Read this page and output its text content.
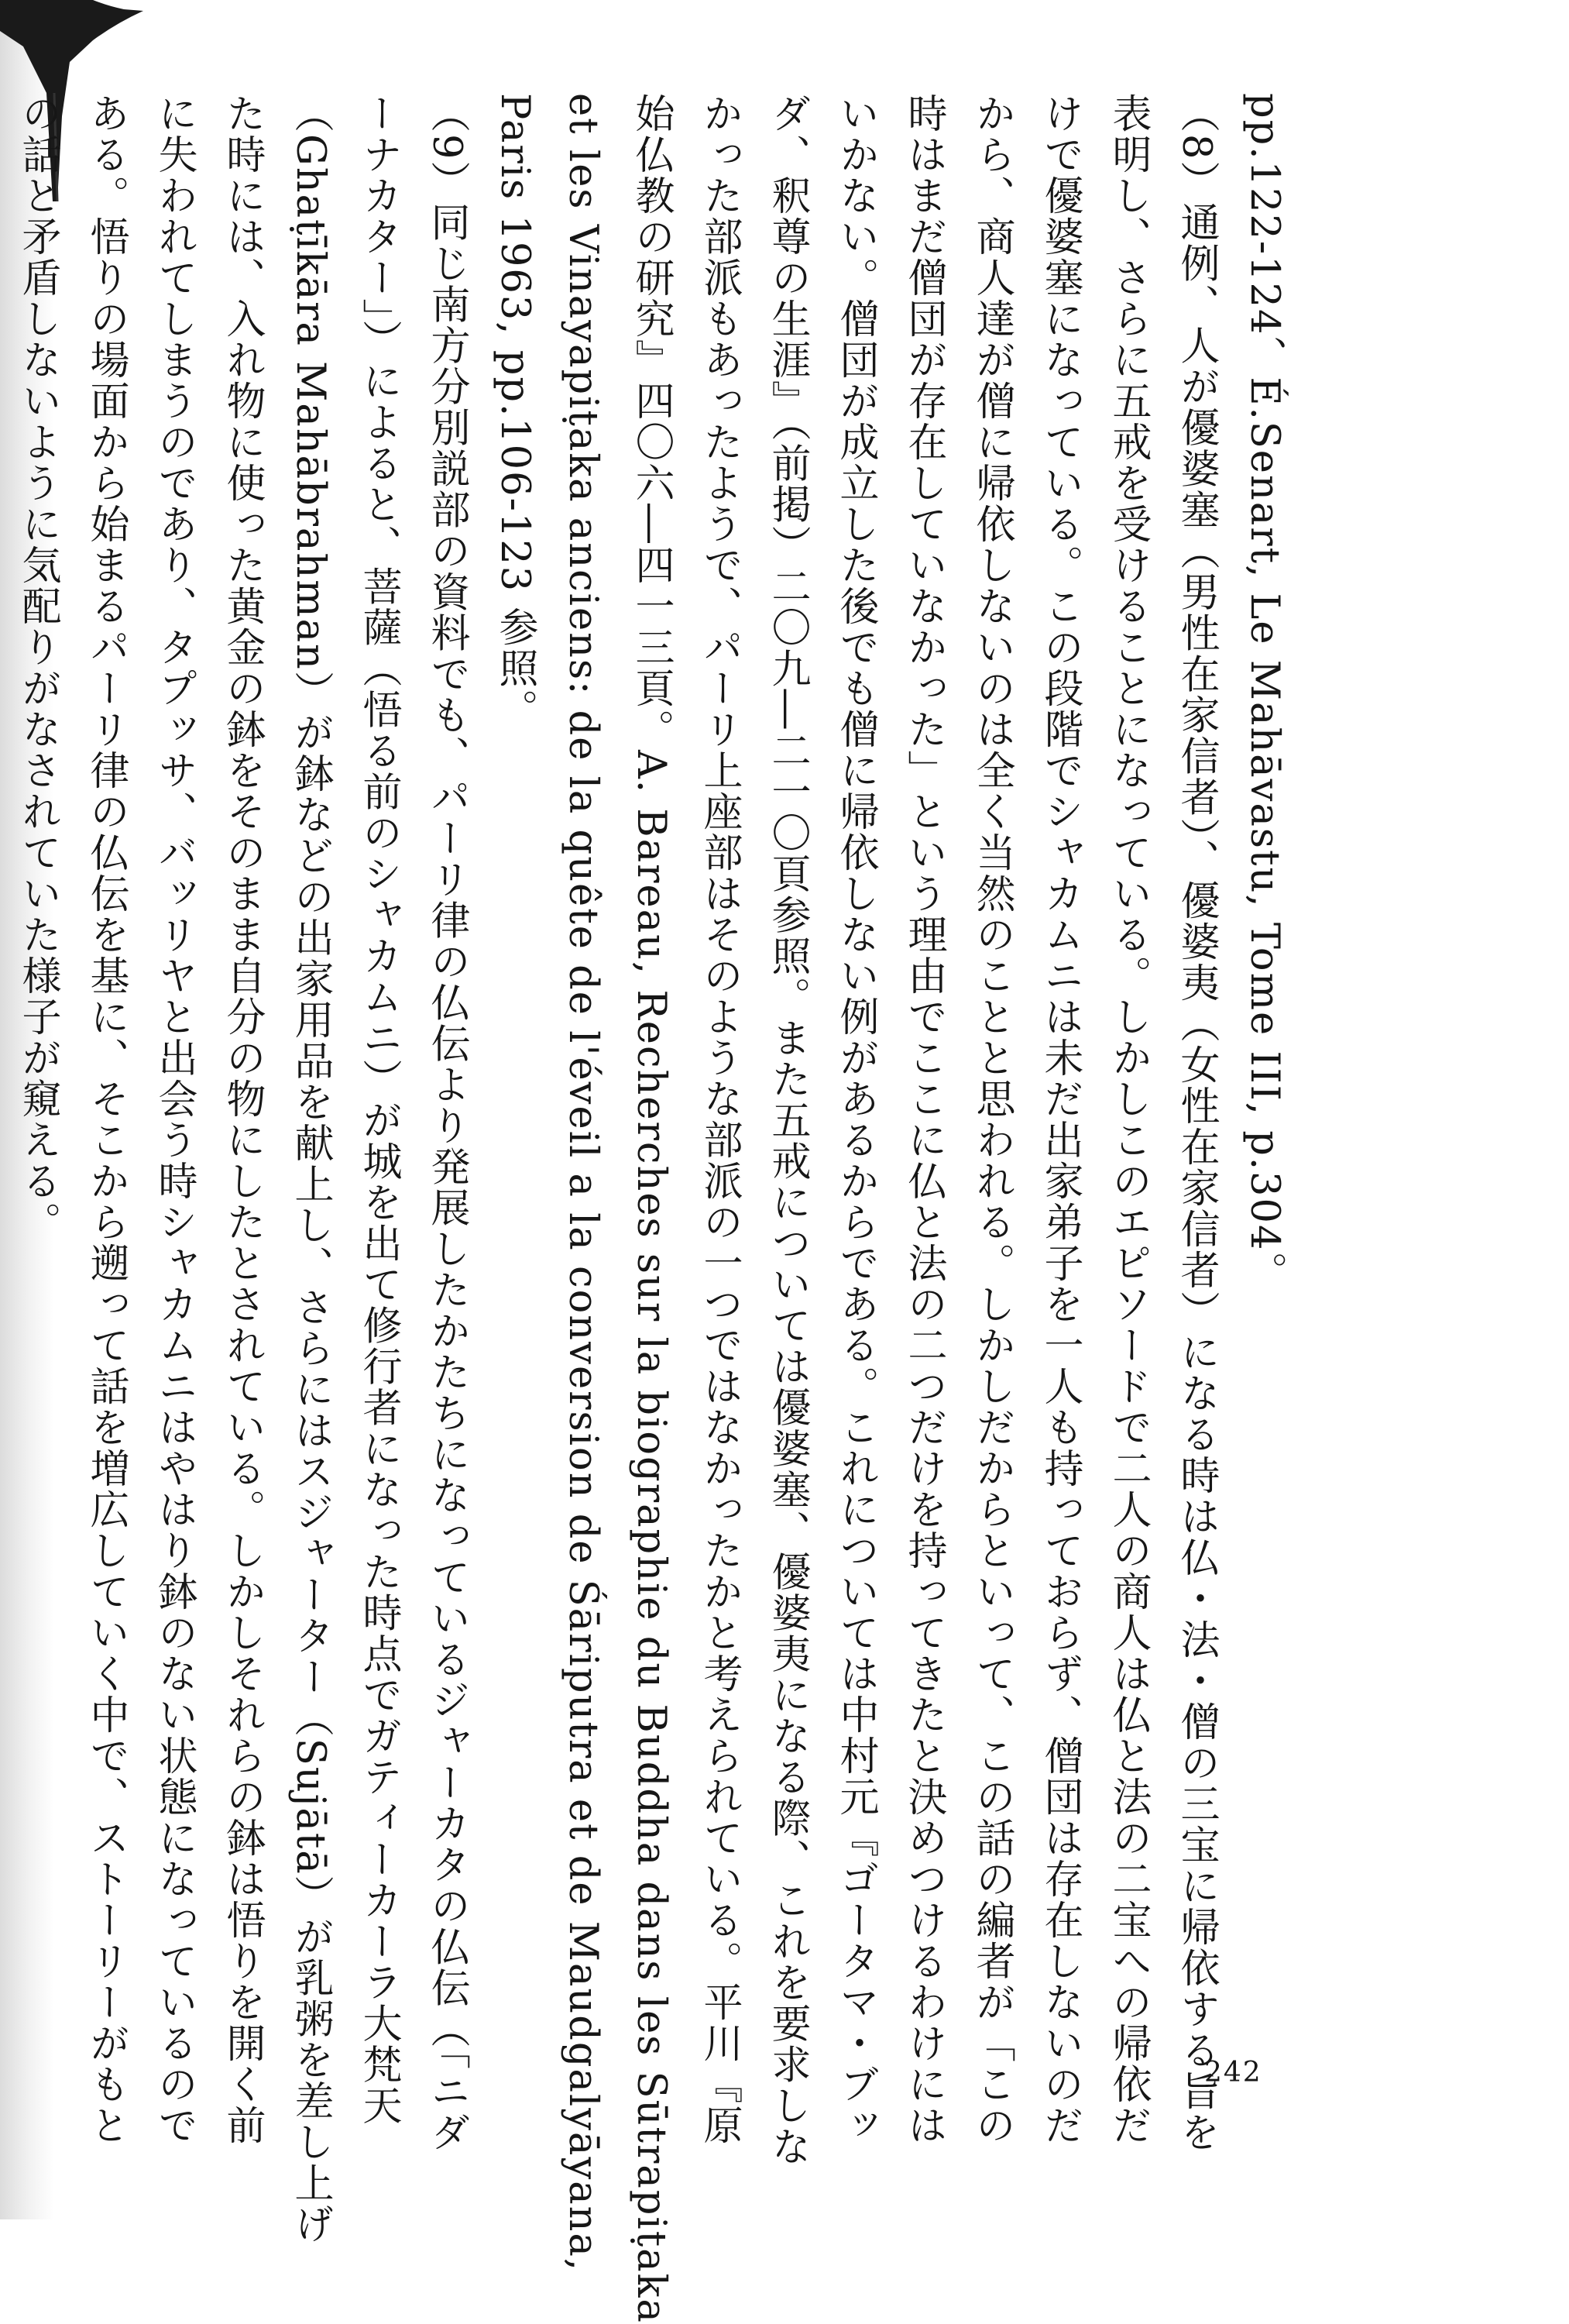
pp.122-124、É.Senart, Le Mahāvastu, Tome III, p.304。
（8）通例、人が優婆塞（男性在家信者）、優婆夷（女性在家信者）になる時は仏・法・僧の三宝に帰依する旨を
表明し、さらに五戒を受けることになっている。しかしこのエピソードで二人の商人は仏と法の二宝への帰依だ
けで優婆塞になっている。この段階でシャカムニは未だ出家弟子を一人も持っておらず、僧団は存在しないのだ
から、商人達が僧に帰依しないのは全く当然のことと思われる。しかしだからといって、この話の編者が「この
時はまだ僧団が存在していなかった」という理由でここに仏と法の二つだけを持ってきたと決めつけるわけには
いかない。僧団が成立した後でも僧に帰依しない例があるからである。これについては中村元『ゴータマ・ブッ
ダ、釈尊の生涯』（前掲）二〇九―二一〇頁参照。また五戒については優婆塞、優婆夷になる際、これを要求しな
かった部派もあったようで、パーリ上座部はそのような部派の一つではなかったかと考えられている。平川『原
始仏教の研究』四〇六―四一三頁。A. Bareau, Recherches sur la biographie du Buddha dans les Sūtrapiṭaka
et les Vinayapiṭaka anciens: de la quête de l'éveil a la conversion de Śāriputra et de Maudgalyāyana,
Paris 1963, pp.106-123 参照。
（9）同じ南方分別説部の資料でも、パーリ律の仏伝より発展したかたちになっているジャーカタの仏伝（「ニダ
ーナカター」）によると、菩薩（悟る前のシャカムニ）が城を出て修行者になった時点でガティーカーラ大梵天
（Ghaṭīkāra Mahābrahman）が鉢などの出家用品を献上し、さらにはスジャーター（Sujātā）が乳粥を差し上げ
た時には、入れ物に使った黄金の鉢をそのまま自分の物にしたとされている。しかしそれらの鉢は悟りを開く前
に失われてしまうのであり、タプッサ、バッリヤと出会う時シャカムニはやはり鉢のない状態になっているので
ある。悟りの場面から始まるパーリ律の仏伝を基に、そこから遡って話を増広していく中で、ストーリーがもと
の話と矛盾しないように気配りがなされていた様子が窺える。
242
